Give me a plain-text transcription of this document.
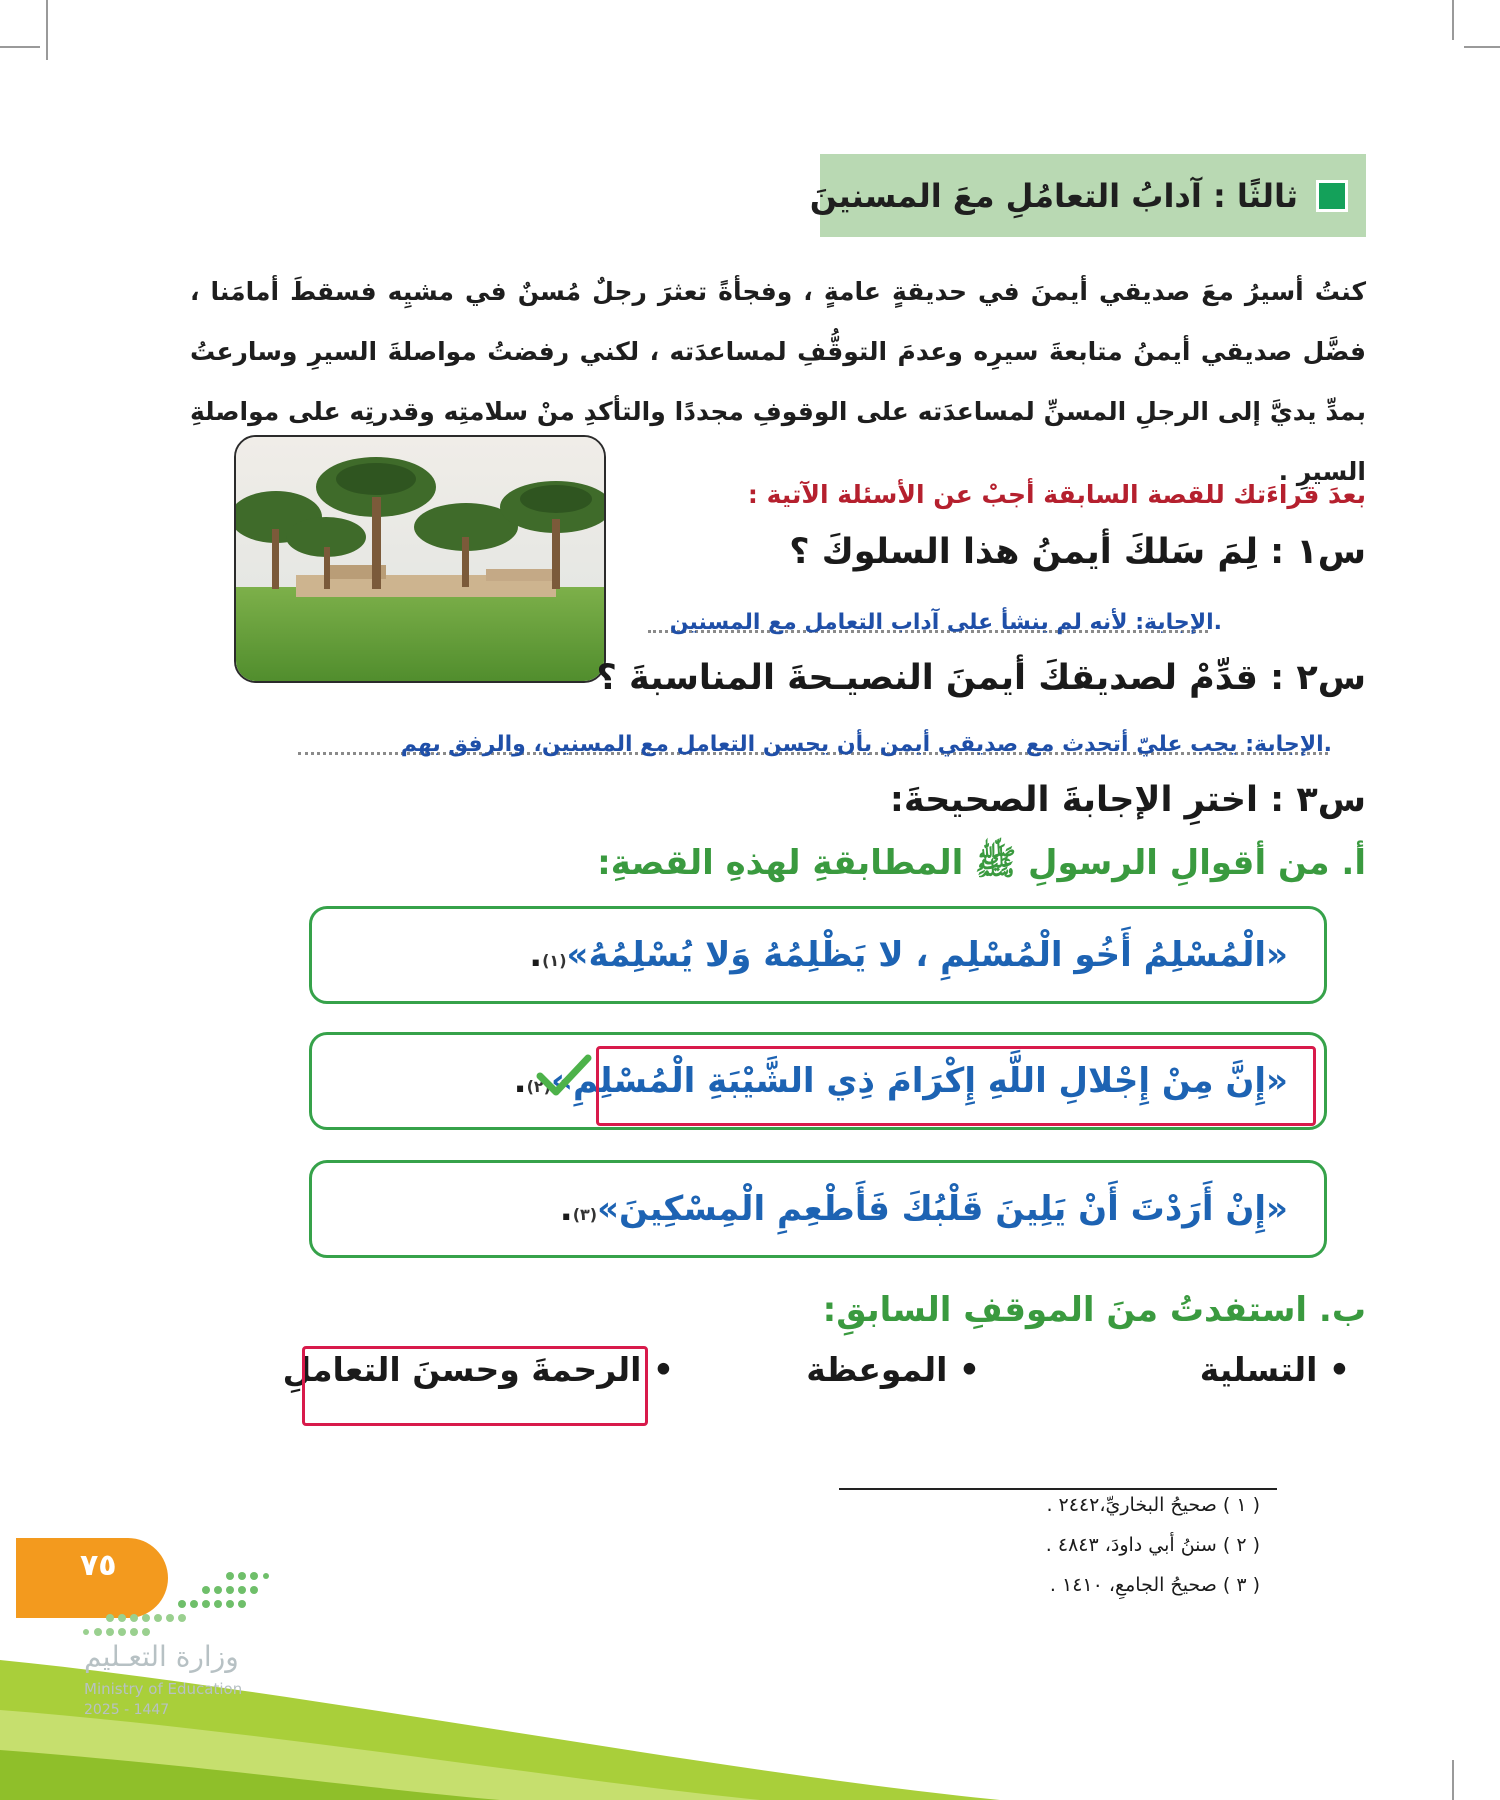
ثالثًا : آدابُ التعامُلِ معَ المسنينَ
كنتُ أسيرُ معَ صديقي أيمنَ في حديقةٍ عامةٍ ، وفجأةً تعثرَ رجلٌ مُسنٌ في مشيِه فسقطَ أمامَنا ، فضَّل صديقي أيمنُ متابعةَ سيرِه وعدمَ التوقُّفِ لمساعدَته ، لكني رفضتُ مواصلةَ السيرِ وسارعتُ بمدِّ يديَّ إلى الرجلِ المسنِّ لمساعدَته على الوقوفِ مجددًا والتأكدِ منْ سلامتِه وقدرتِه على مواصلةِ السيرِ .
بعدَ قراءَتك للقصة السابقة أجبْ عن الأسئلة الآتية :
س١ : لِمَ سَلكَ أيمنُ هذا السلوكَ ؟
.الإجابة: لأنه لم ينشأ على آداب التعامل مع المسنين
س٢ : قدِّمْ لصديقكَ أيمنَ النصيـحةَ المناسبةَ ؟
.الإجابة: يجب عليّ أتحدث مع صديقي أيمن بأن يحسن التعامل مع المسنين، والرفق بهم
س٣ : اخترِ الإجابةَ الصحيحةَ:
أ. من أقوالِ الرسولِ ﷺ المطابقةِ لهذهِ القصةِ:
«الْمُسْلِمُ أَخُو الْمُسْلِمِ ، لا يَظْلِمُهُ وَلا يُسْلِمُهُ»(١).
«إِنَّ مِنْ إِجْلالِ اللَّهِ إِكْرَامَ ذِي الشَّيْبَةِ الْمُسْلِمِ»(٢).
«إِنْ أَرَدْتَ أَنْ يَلِينَ قَلْبُكَ فَأَطْعِمِ الْمِسْكِينَ»(٣).
ب. استفدتُ منَ الموقفِ السابقِ:
• التسلية
• الموعظة
• الرحمةَ وحسنَ التعاملِ
( ١ ) صحيحُ البخاريِّ،٢٤٤٢ .
( ٢ ) سننُ أبي داودَ، ٤٨٤٣ .
( ٣ ) صحيحُ الجامعِ، ١٤١٠ .
٧٥
وزارة التعـليم
Ministry of Education
2025 - 1447
